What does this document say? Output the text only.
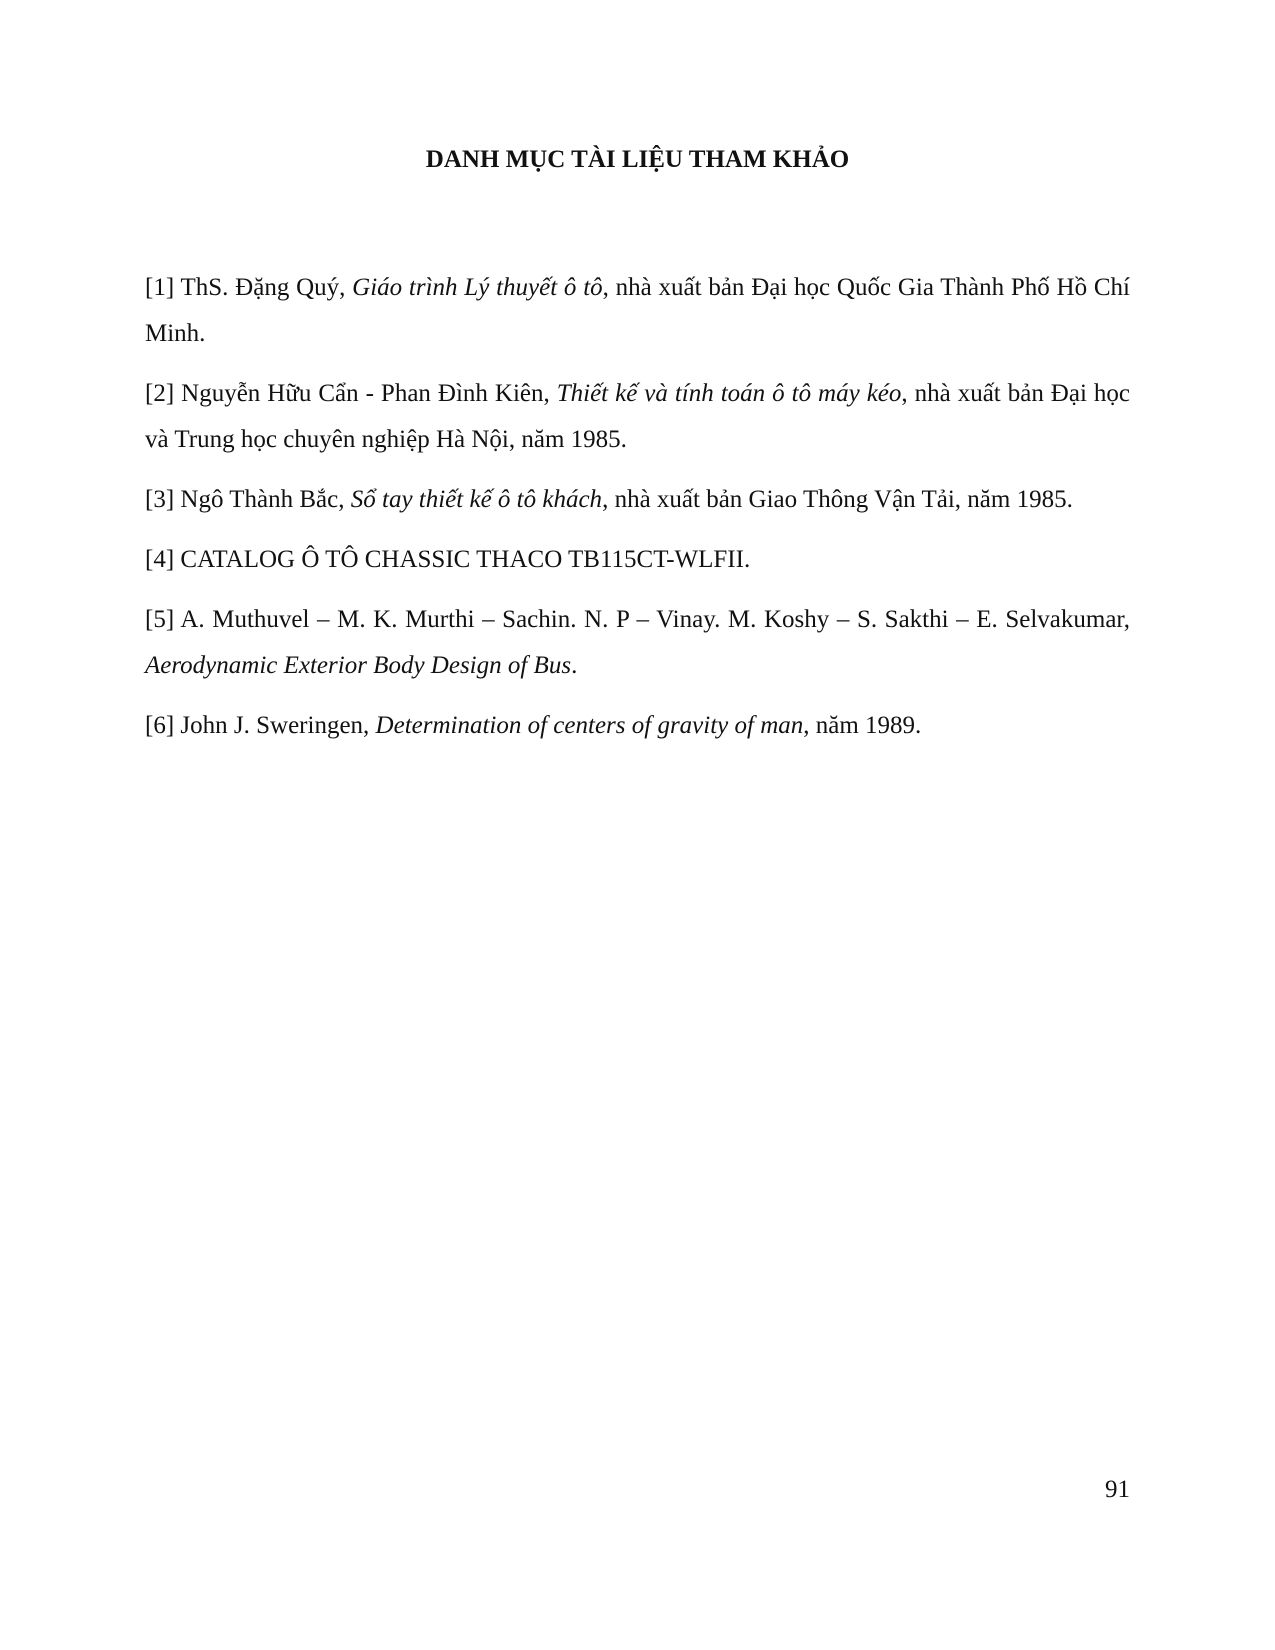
DANH MỤC TÀI LIỆU THAM KHẢO

[1] ThS. Đặng Quý, Giáo trình Lý thuyết ô tô, nhà xuất bản Đại học Quốc Gia Thành Phố Hồ Chí Minh.

[2] Nguyễn Hữu Cẩn - Phan Đình Kiên, Thiết kế và tính toán ô tô máy kéo, nhà xuất bản Đại học và Trung học chuyên nghiệp Hà Nội, năm 1985.

[3] Ngô Thành Bắc, Sổ tay thiết kế ô tô khách, nhà xuất bản Giao Thông Vận Tải, năm 1985.

[4] CATALOG Ô TÔ CHASSIC THACO TB115CT-WLFII.

[5] A. Muthuvel – M. K. Murthi – Sachin. N. P – Vinay. M. Koshy – S. Sakthi – E. Selvakumar, Aerodynamic Exterior Body Design of Bus.

[6] John J. Sweringen, Determination of centers of gravity of man, năm 1989.

91
